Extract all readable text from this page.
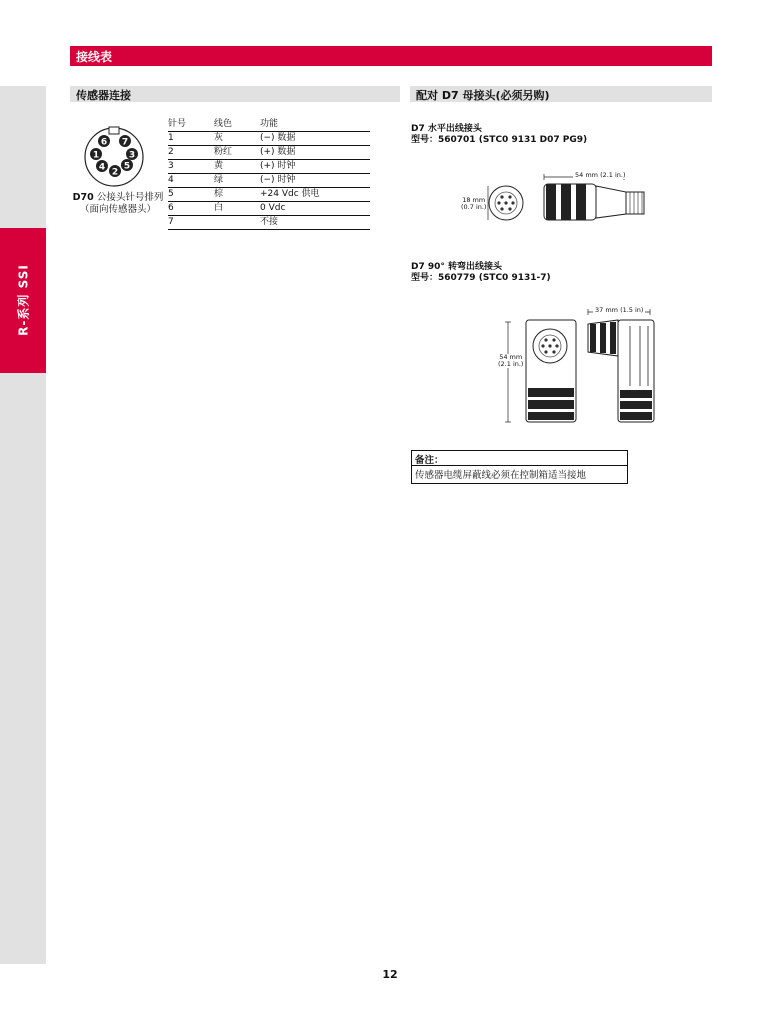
R-系列 SSI
接线表
传感器连接	配对 D7 母接头(必须另购)
6 7
1	3
4 2
5
D70 公接头针号排列
（面向传感器头）
针号	线色	功能
1	灰	(−) 数据
2	粉红	(+) 数据
3	黄	(+) 时钟
4	绿	(−) 时钟
5	棕	+24 Vdc 供电
6	白	0 Vdc
7		不接
D7 水平出线接头
型号：560701 (STC0 9131 D07 PG9)
54 mm (2.1 in.)
18 mm
(0.7 in.)
D7 90° 转弯出线接头
型号：560779 (STC0 9131-7)
37 mm (1.5 in)
54 mm
(2.1 in.)
备注：
传感器电缆屏蔽线必须在控制箱适当接地
12
